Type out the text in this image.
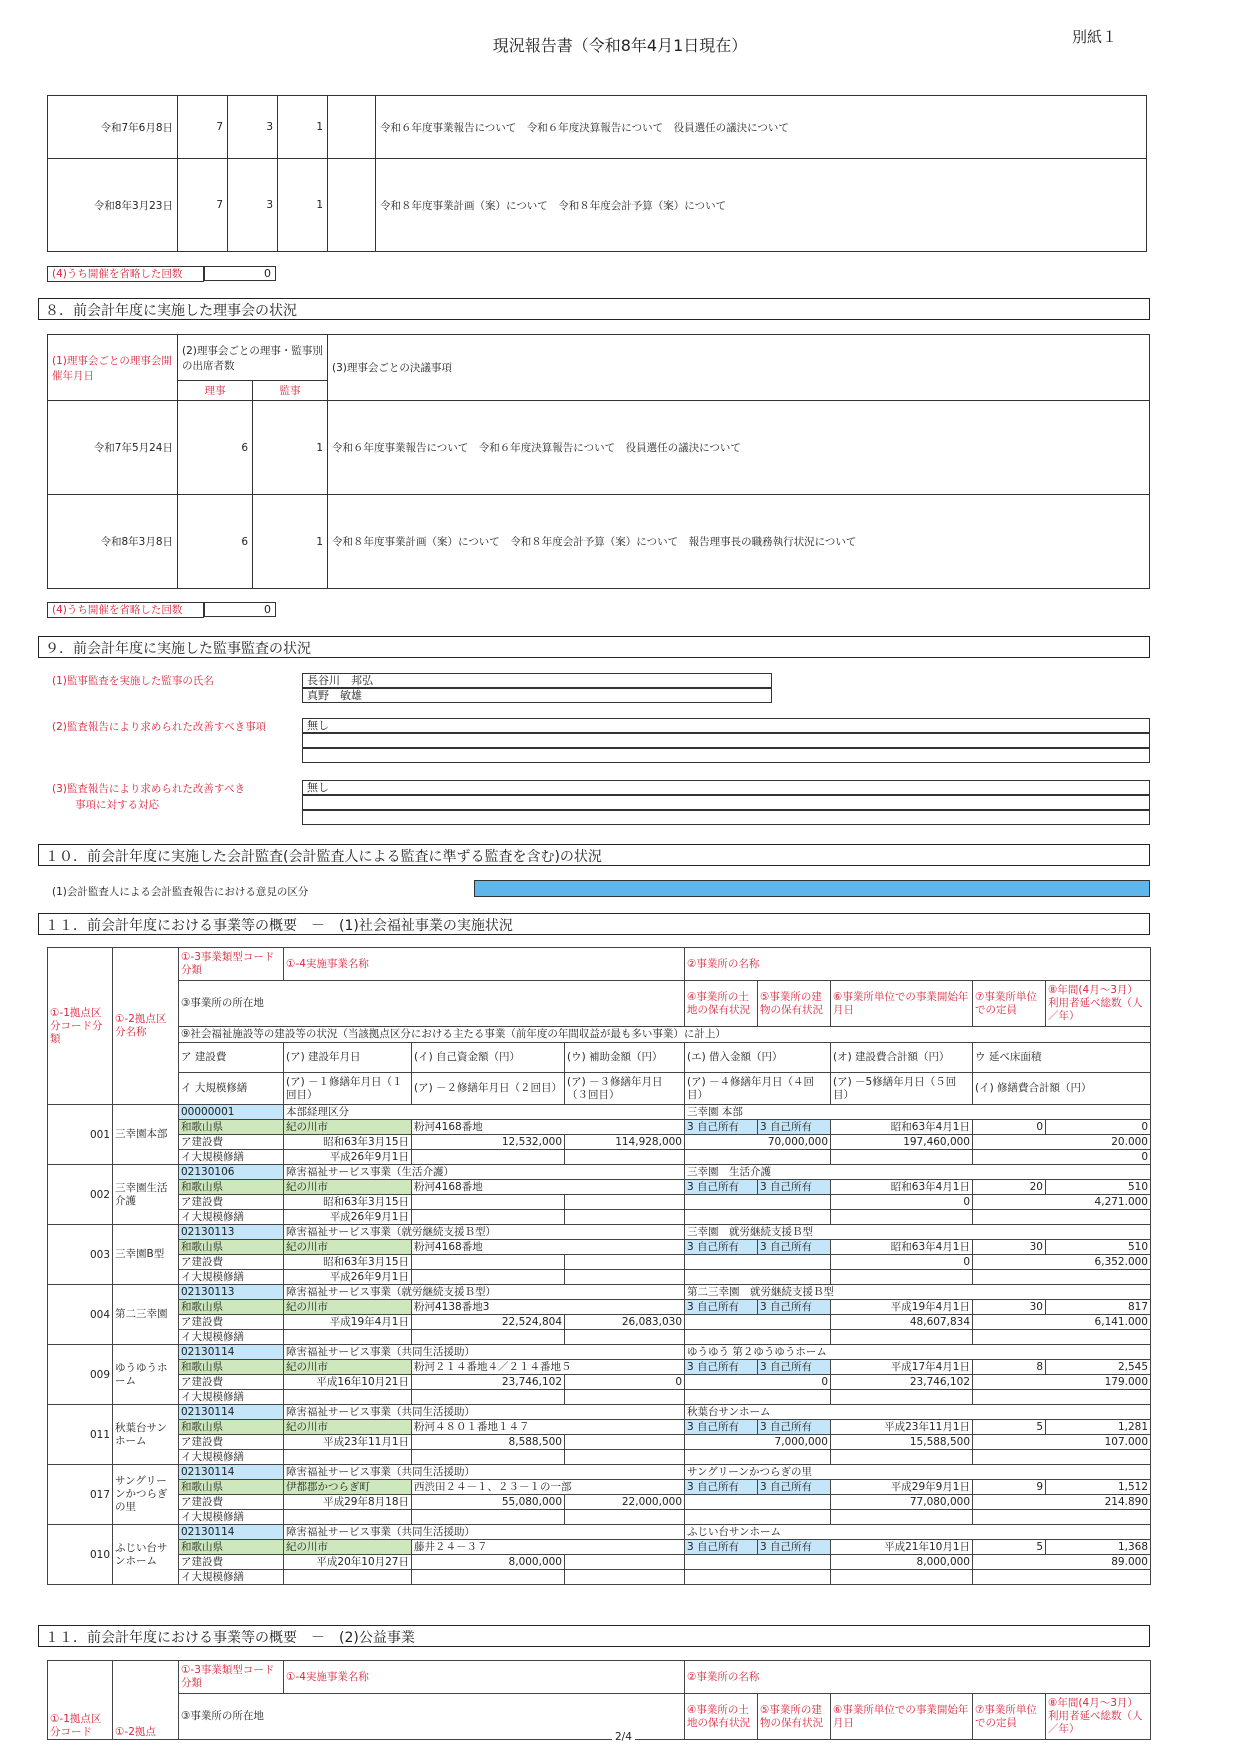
現況報告書（令和8年4月1日現在）	別紙１
令和7年6月8日	7	3	1		令和６年度事業報告について　令和６年度決算報告について　役員選任の議決について
令和8年3月23日	7	3	1		令和８年度事業計画（案）について　令和８年度会計予算（案）について
(4)うち開催を省略した回数	0
８．前会計年度に実施した理事会の状況
(1)理事会ごとの理事会開催年月日	(2)理事会ごとの理事・監事別の出席者数		(3)理事会ごとの決議事項
	理事	監事	
令和7年5月24日	6	1	令和６年度事業報告について　令和６年度決算報告について　役員選任の議決について
令和8年3月8日	6	1	令和８年度事業計画（案）について　令和８年度会計予算（案）について　報告理事長の職務執行状況について
(4)うち開催を省略した回数	0
９．前会計年度に実施した監事監査の状況
(1)監事監査を実施した監事の氏名	長谷川　邦弘
真野　敏雄
(2)監査報告により求められた改善すべき事項	無し
(3)監査報告により求められた改善すべき
事項に対する対応
無し
１０．前会計年度に実施した会計監査(会計監査人による監査に準ずる監査を含む)の状況
(1)会計監査人による会計監査報告における意見の区分
１１．前会計年度における事業等の概要　－　(1)社会福祉事業の実施状況
①-1拠点区分コード分類	①-2拠点区分名称	①-3事業類型コード分類	①-4実施事業名称			②事業所の名称				
		③事業所の所在地				④事業所の土地の保有状況	⑤事業所の建物の保有状況	⑥事業所単位での事業開始年月日	⑦事業所単位での定員	⑧年間(4月～3月）利用者延べ総数（人／年）
		⑨社会福祉施設等の建設等の状況（当該拠点区分における主たる事業（前年度の年間収益が最も多い事業）に計上）								
		ア 建設費	(ア) 建設年月日	(イ) 自己資金額（円）	(ウ) 補助金額（円）	(エ) 借入金額（円）		(オ) 建設費合計額（円）	ウ 延べ床面積	
		イ 大規模修繕	(ア) －１修繕年月日（１回目）	(ア) －２修繕年月日（２回目）	(ア) －３修繕年月日（３回目）	(ア) －４修繕年月日（４回目）		(ア) －5修繕年月日（５回目）	(イ) 修繕費合計額（円）	
001	三幸園本部	00000001	本部経理区分			三幸園 本部				
		和歌山県	紀の川市	粉河4168番地		3 自己所有	3 自己所有	昭和63年4月1日	0	0
		ア建設費	昭和63年3月15日	12,532,000	114,928,000	70,000,000		197,460,000	20.000	
		イ大規模修繕	平成26年9月1日						0	
002	三幸園生活介護	02130106	障害福祉サービス事業（生活介護）			三幸園　生活介護				
		和歌山県	紀の川市	粉河4168番地		3 自己所有	3 自己所有	昭和63年4月1日	20	510
		ア建設費	昭和63年3月15日					0	4,271.000	
		イ大規模修繕	平成26年9月1日							
003	三幸園B型	02130113	障害福祉サービス事業（就労継続支援Ｂ型）			三幸園　就労継続支援Ｂ型				
		和歌山県	紀の川市	粉河4168番地		3 自己所有	3 自己所有	昭和63年4月1日	30	510
		ア建設費	昭和63年3月15日					0	6,352.000	
		イ大規模修繕	平成26年9月1日							
004	第二三幸園	02130113	障害福祉サービス事業（就労継続支援Ｂ型）			第二三幸園　就労継続支援Ｂ型				
		和歌山県	紀の川市	粉河4138番地3		3 自己所有	3 自己所有	平成19年4月1日	30	817
		ア建設費	平成19年4月1日	22,524,804	26,083,030			48,607,834	6,141.000	
		イ大規模修繕								
009	ゆうゆうホーム	02130114	障害福祉サービス事業（共同生活援助）			ゆうゆう 第２ゆうゆうホーム				
		和歌山県	紀の川市	粉河２１４番地４／２１４番地５		3 自己所有	3 自己所有	平成17年4月1日	8	2,545
		ア建設費	平成16年10月21日	23,746,102	0	0		23,746,102	179.000	
		イ大規模修繕								
011	秋葉台サンホーム	02130114	障害福祉サービス事業（共同生活援助）			秋葉台サンホーム				
		和歌山県	紀の川市	粉河４８０１番地１４７		3 自己所有	3 自己所有	平成23年11月1日	5	1,281
		ア建設費	平成23年11月1日	8,588,500		7,000,000		15,588,500	107.000	
		イ大規模修繕								
017	サングリーンかつらぎの里	02130114	障害福祉サービス事業（共同生活援助）			サングリーンかつらぎの里				
		和歌山県	伊都郡かつらぎ町	西渋田２４－１、２３－１の一部		3 自己所有	3 自己所有	平成29年9月1日	9	1,512
		ア建設費	平成29年8月18日	55,080,000	22,000,000			77,080,000	214.890	
		イ大規模修繕								
010	ふじい台サンホーム	02130114	障害福祉サービス事業（共同生活援助）			ふじい台サンホーム				
		和歌山県	紀の川市	藤井２４－３７		3 自己所有	3 自己所有	平成21年10月1日	5	1,368
		ア建設費	平成20年10月27日	8,000,000				8,000,000	89.000	
		イ大規模修繕								
１１．前会計年度における事業等の概要　－　(2)公益事業
①-1拠点区分コード	①-2拠点	①-3事業類型コード分類	①-4実施事業名称	②事業所の名称				
		③事業所の所在地		④事業所の土地の保有状況	⑤事業所の建物の保有状況	⑥事業所単位での事業開始年月日	⑦事業所単位での定員	⑧年間(4月～3月）利用者延べ総数（人／年）
2/4
